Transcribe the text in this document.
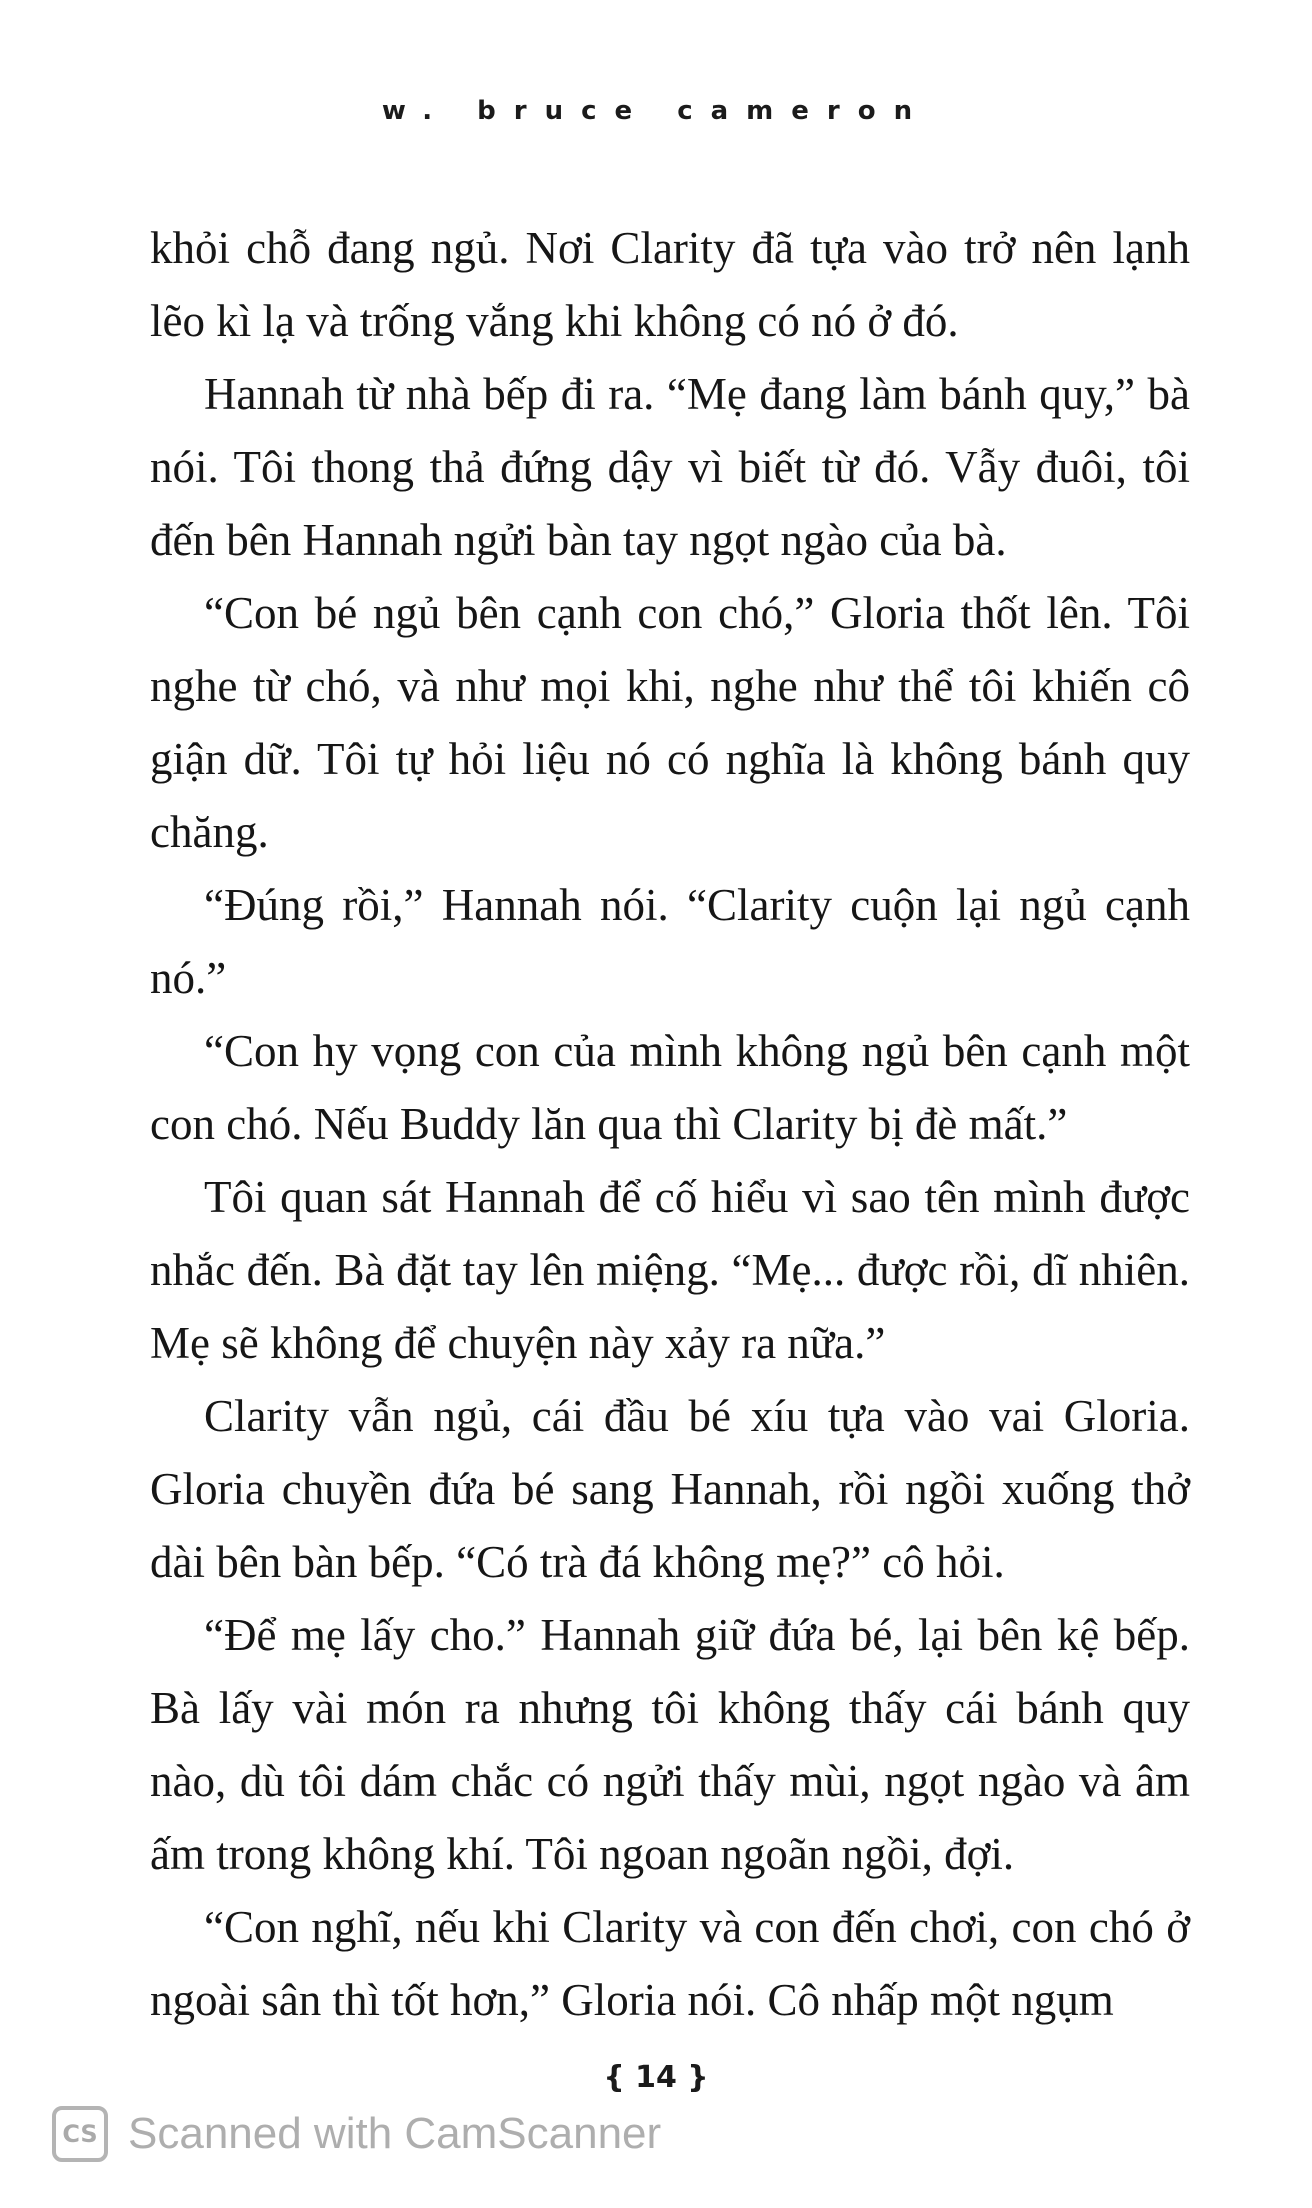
w. bruce cameron

khỏi chỗ đang ngủ. Nơi Clarity đã tựa vào trở nên lạnh lẽo kì lạ và trống vắng khi không có nó ở đó.

Hannah từ nhà bếp đi ra. “Mẹ đang làm bánh quy,” bà nói. Tôi thong thả đứng dậy vì biết từ đó. Vẫy đuôi, tôi đến bên Hannah ngửi bàn tay ngọt ngào của bà.

“Con bé ngủ bên cạnh con chó,” Gloria thốt lên. Tôi nghe từ chó, và như mọi khi, nghe như thể tôi khiến cô giận dữ. Tôi tự hỏi liệu nó có nghĩa là không bánh quy chăng.

“Đúng rồi,” Hannah nói. “Clarity cuộn lại ngủ cạnh nó.”

“Con hy vọng con của mình không ngủ bên cạnh một con chó. Nếu Buddy lăn qua thì Clarity bị đè mất.”

Tôi quan sát Hannah để cố hiểu vì sao tên mình được nhắc đến. Bà đặt tay lên miệng. “Mẹ... được rồi, dĩ nhiên. Mẹ sẽ không để chuyện này xảy ra nữa.”

Clarity vẫn ngủ, cái đầu bé xíu tựa vào vai Gloria. Gloria chuyền đứa bé sang Hannah, rồi ngồi xuống thở dài bên bàn bếp. “Có trà đá không mẹ?” cô hỏi.

“Để mẹ lấy cho.” Hannah giữ đứa bé, lại bên kệ bếp. Bà lấy vài món ra nhưng tôi không thấy cái bánh quy nào, dù tôi dám chắc có ngửi thấy mùi, ngọt ngào và âm ấm trong không khí. Tôi ngoan ngoãn ngồi, đợi.

“Con nghĩ, nếu khi Clarity và con đến chơi, con chó ở ngoài sân thì tốt hơn,” Gloria nói. Cô nhấp một ngụm

{ 14 }
CS Scanned with CamScanner
